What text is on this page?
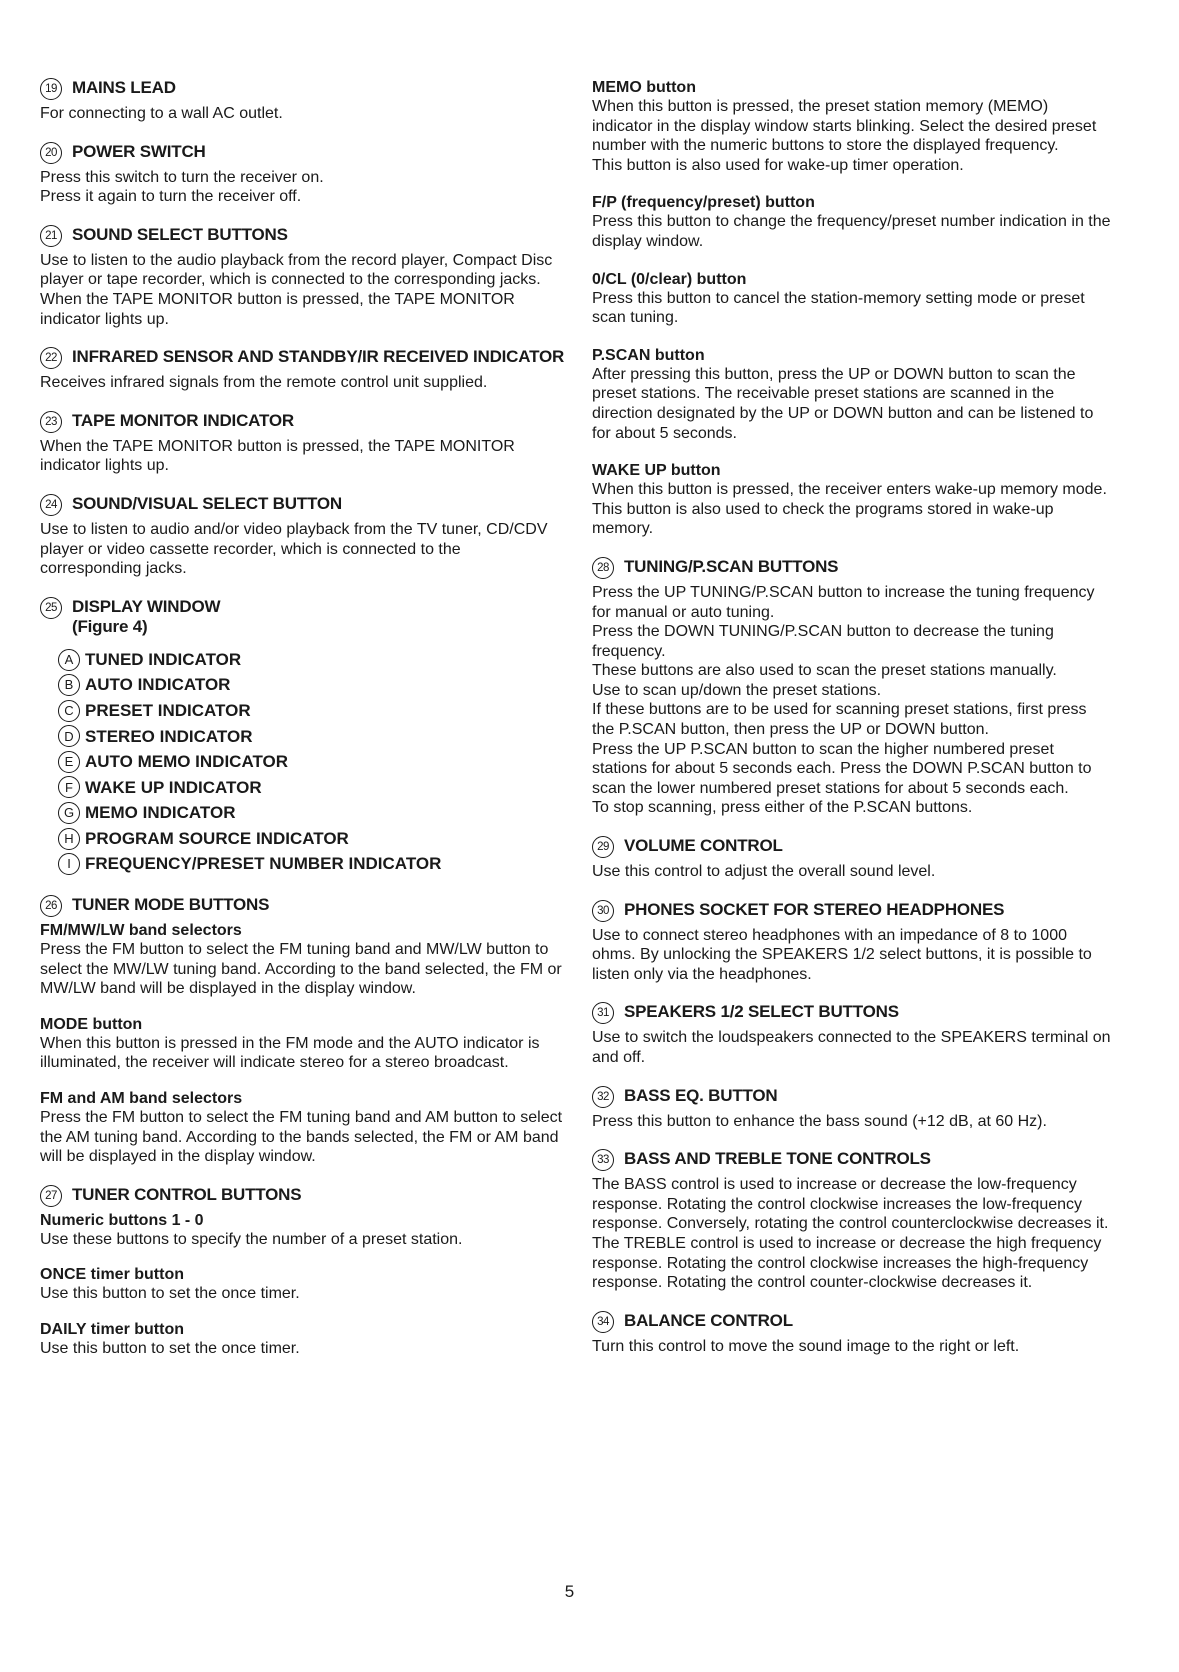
19 MAINS LEAD
For connecting to a wall AC outlet.
20 POWER SWITCH
Press this switch to turn the receiver on.
Press it again to turn the receiver off.
21 SOUND SELECT BUTTONS
Use to listen to the audio playback from the record player, Compact Disc player or tape recorder, which is connected to the corresponding jacks.
When the TAPE MONITOR button is pressed, the TAPE MONITOR indicator lights up.
22 INFRARED SENSOR AND STANDBY/IR RECEIVED INDICATOR
Receives infrared signals from the remote control unit supplied.
23 TAPE MONITOR INDICATOR
When the TAPE MONITOR button is pressed, the TAPE MONITOR indicator lights up.
24 SOUND/VISUAL SELECT BUTTON
Use to listen to audio and/or video playback from the TV tuner, CD/CDV player or video cassette recorder, which is connected to the corresponding jacks.
25 DISPLAY WINDOW
(Figure 4)
A TUNED INDICATOR
B AUTO INDICATOR
C PRESET INDICATOR
D STEREO INDICATOR
E AUTO MEMO INDICATOR
F WAKE UP INDICATOR
G MEMO INDICATOR
H PROGRAM SOURCE INDICATOR
I FREQUENCY/PRESET NUMBER INDICATOR
26 TUNER MODE BUTTONS
FM/MW/LW band selectors
Press the FM button to select the FM tuning band and MW/LW button to select the MW/LW tuning band. According to the band selected, the FM or MW/LW band will be displayed in the display window.
MODE button
When this button is pressed in the FM mode and the AUTO indicator is illuminated, the receiver will indicate stereo for a stereo broadcast.
FM and AM band selectors
Press the FM button to select the FM tuning band and AM button to select the AM tuning band. According to the bands selected, the FM or AM band will be displayed in the display window.
27 TUNER CONTROL BUTTONS
Numeric buttons 1 - 0
Use these buttons to specify the number of a preset station.
ONCE timer button
Use this button to set the once timer.
DAILY timer button
Use this button to set the once timer.
MEMO button
When this button is pressed, the preset station memory (MEMO) indicator in the display window starts blinking. Select the desired preset number with the numeric buttons to store the displayed frequency.
This button is also used for wake-up timer operation.
F/P (frequency/preset) button
Press this button to change the frequency/preset number indication in the display window.
0/CL (0/clear) button
Press this button to cancel the station-memory setting mode or preset scan tuning.
P.SCAN button
After pressing this button, press the UP or DOWN button to scan the preset stations. The receivable preset stations are scanned in the direction designated by the UP or DOWN button and can be listened to for about 5 seconds.
WAKE UP button
When this button is pressed, the receiver enters wake-up memory mode. This button is also used to check the programs stored in wake-up memory.
28 TUNING/P.SCAN BUTTONS
Press the UP TUNING/P.SCAN button to increase the tuning frequency for manual or auto tuning.
Press the DOWN TUNING/P.SCAN button to decrease the tuning frequency.
These buttons are also used to scan the preset stations manually.
Use to scan up/down the preset stations.
If these buttons are to be used for scanning preset stations, first press the P.SCAN button, then press the UP or DOWN button.
Press the UP P.SCAN button to scan the higher numbered preset stations for about 5 seconds each. Press the DOWN P.SCAN button to scan the lower numbered preset stations for about 5 seconds each.
To stop scanning, press either of the P.SCAN buttons.
29 VOLUME CONTROL
Use this control to adjust the overall sound level.
30 PHONES SOCKET FOR STEREO HEADPHONES
Use to connect stereo headphones with an impedance of 8 to 1000 ohms. By unlocking the SPEAKERS 1/2 select buttons, it is possible to listen only via the headphones.
31 SPEAKERS 1/2 SELECT BUTTONS
Use to switch the loudspeakers connected to the SPEAKERS terminal on and off.
32 BASS EQ. BUTTON
Press this button to enhance the bass sound (+12 dB, at 60 Hz).
33 BASS AND TREBLE TONE CONTROLS
The BASS control is used to increase or decrease the low-frequency response. Rotating the control clockwise increases the low-frequency response. Conversely, rotating the control counterclockwise decreases it.
The TREBLE control is used to increase or decrease the high frequency response. Rotating the control clockwise increases the high-frequency response. Rotating the control counter-clockwise decreases it.
34 BALANCE CONTROL
Turn this control to move the sound image to the right or left.
5
